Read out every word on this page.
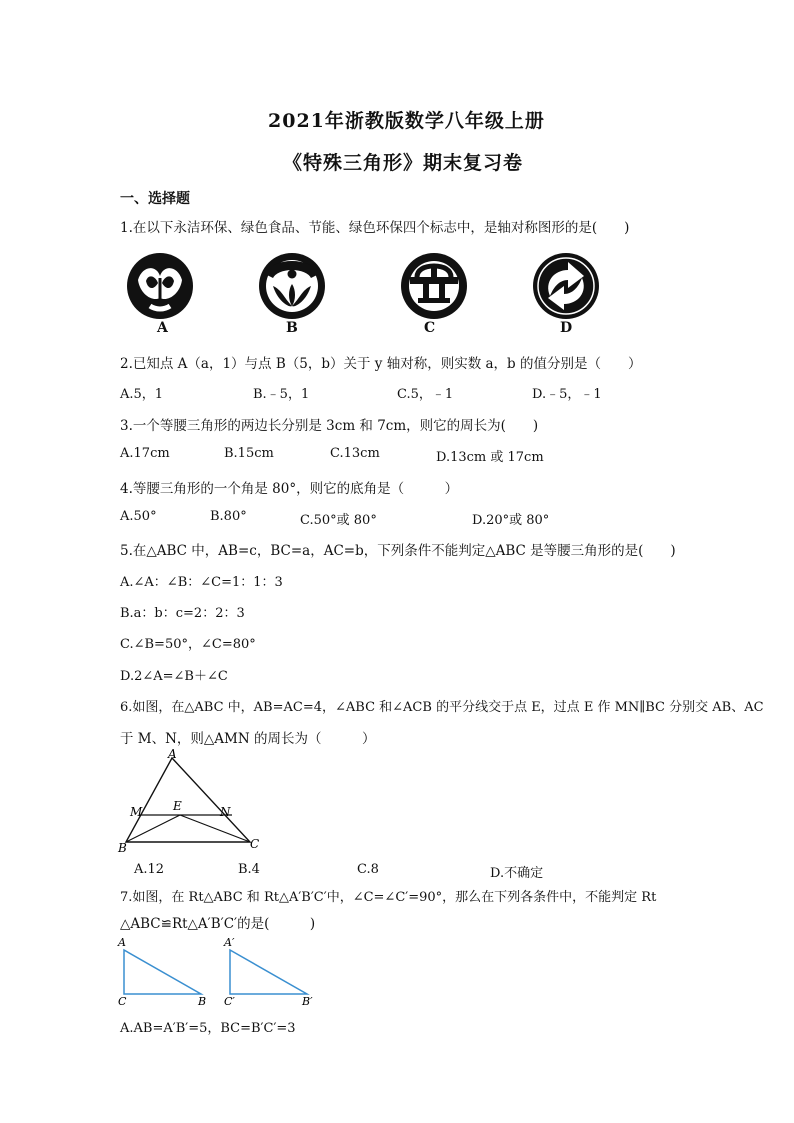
2021年浙教版数学八年级上册
《特殊三角形》期末复习卷
一、选择题
1.在以下永洁环保、绿色食品、节能、绿色环保四个标志中，是轴对称图形的是(　　)
A	B	C	D
2.已知点 A（a，1）与点 B（5，b）关于 y 轴对称，则实数 a，b 的值分别是（　　）
A.5，1	B.﹣5，1	C.5，﹣1	D.﹣5，﹣1
3.一个等腰三角形的两边长分别是 3cm 和 7cm，则它的周长为(　　)
A.17cm	B.15cm	C.13cm	D.13cm 或 17cm
4.等腰三角形的一个角是 80°，则它的底角是（　　　）
A.50°	B.80°	C.50°或 80°	D.20°或 80°
5.在△ABC 中，AB=c，BC=a，AC=b，下列条件不能判定△ABC 是等腰三角形的是(　　)
A.∠A：∠B：∠C=1：1：3
B.a：b：c=2：2：3
C.∠B=50°，∠C=80°
D.2∠A=∠B＋∠C
6.如图，在△ABC 中，AB=AC=4，∠ABC 和∠ACB 的平分线交于点 E，过点 E 作 MN∥BC 分别交 AB、AC
于 M、N，则△AMN 的周长为（　　　）
A
M	E	N
B	C
A.12	B.4	C.8	D.不确定
7.如图，在 Rt△ABC 和 Rt△A′B′C′中，∠C=∠C′=90°，那么在下列各条件中，不能判定 Rt
△ABC≌Rt△A′B′C′的是(　　　)
A
C	B
A′
C′	B′
A.AB=A′B′=5，BC=B′C′=3
